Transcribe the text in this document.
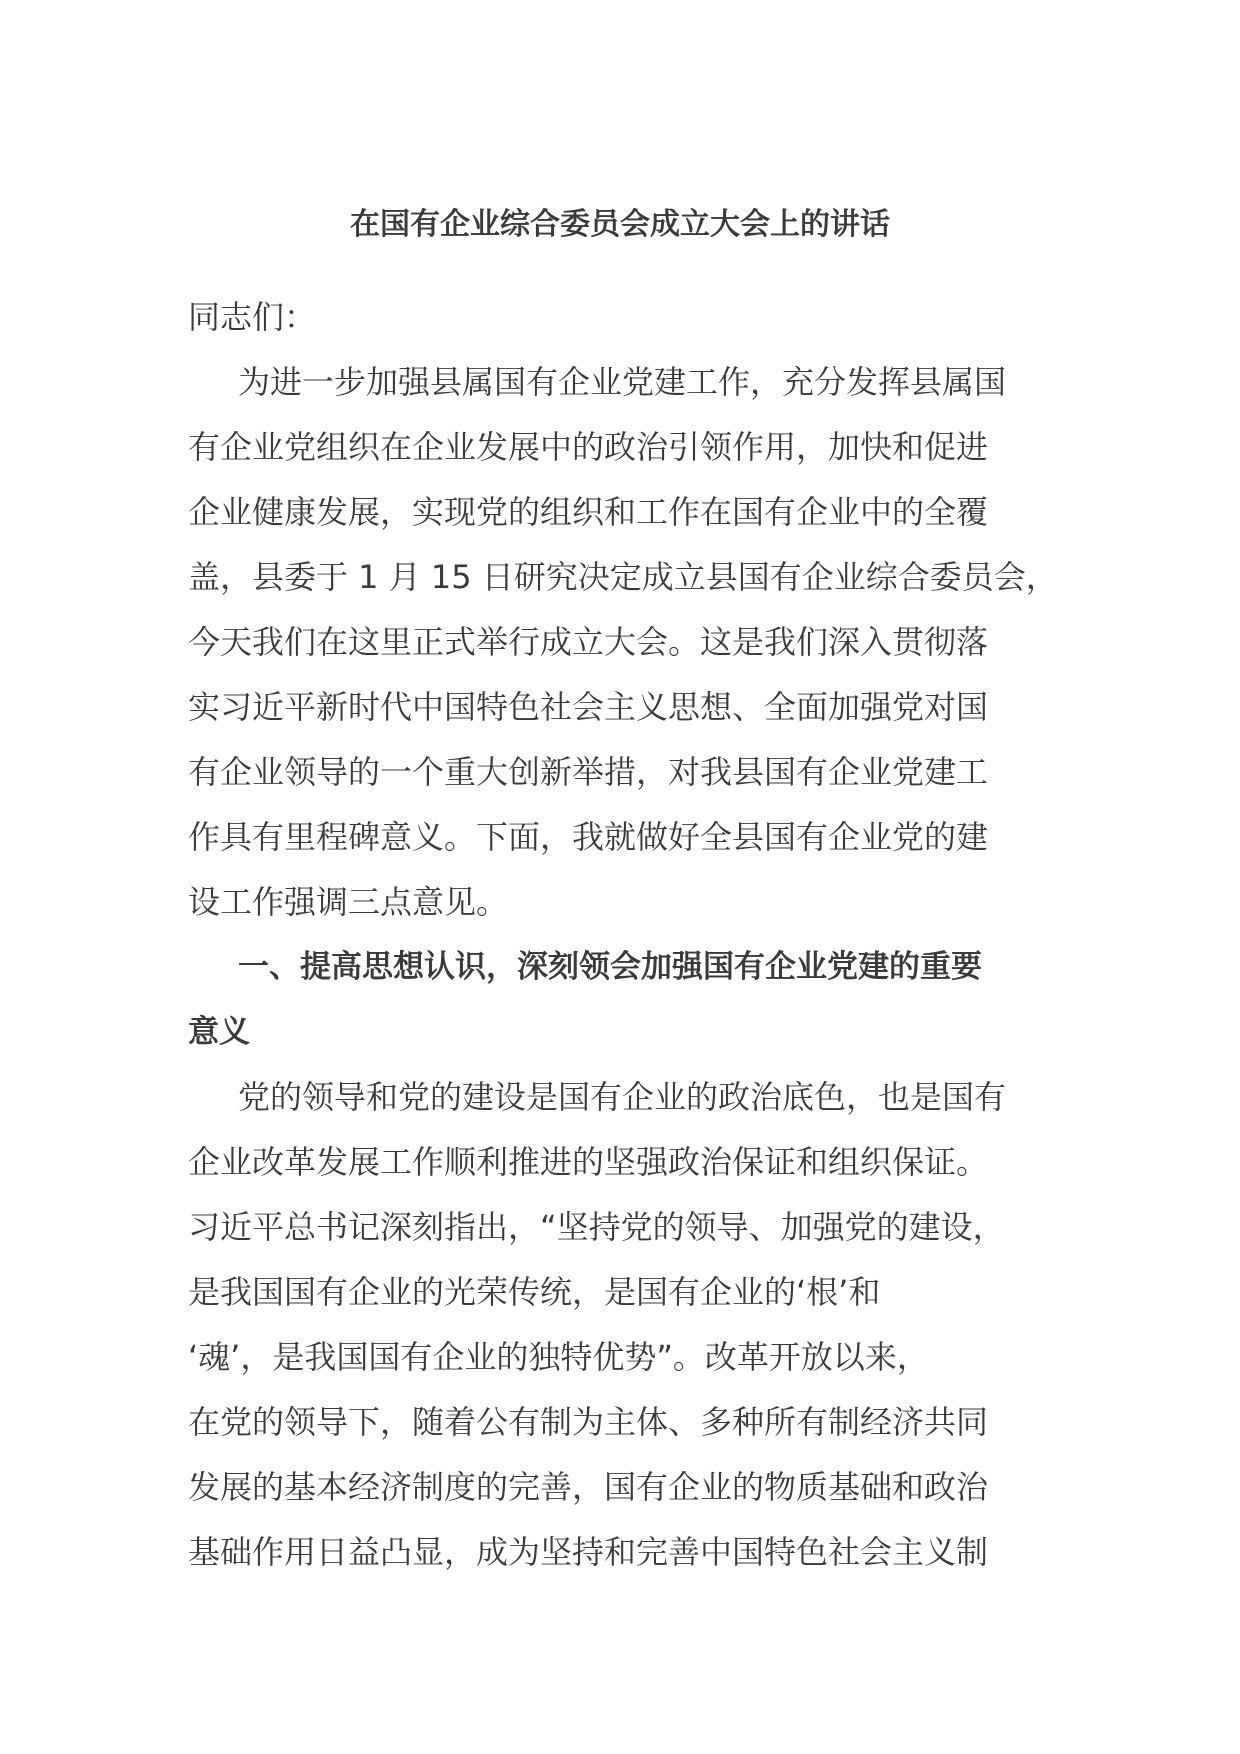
在国有企业综合委员会成立大会上的讲话
同志们：
为进一步加强县属国有企业党建工作，充分发挥县属国
有企业党组织在企业发展中的政治引领作用，加快和促进
企业健康发展，实现党的组织和工作在国有企业中的全覆
盖，县委于 1 月 15 日研究决定成立县国有企业综合委员会，
今天我们在这里正式举行成立大会。这是我们深入贯彻落
实习近平新时代中国特色社会主义思想、全面加强党对国
有企业领导的一个重大创新举措，对我县国有企业党建工
作具有里程碑意义。下面，我就做好全县国有企业党的建
设工作强调三点意见。
一、提高思想认识，深刻领会加强国有企业党建的重要
意义
党的领导和党的建设是国有企业的政治底色，也是国有
企业改革发展工作顺利推进的坚强政治保证和组织保证。
习近平总书记深刻指出，“坚持党的领导、加强党的建设，
是我国国有企业的光荣传统，是国有企业的‘根’和
‘魂’，是我国国有企业的独特优势”。改革开放以来，
在党的领导下，随着公有制为主体、多种所有制经济共同
发展的基本经济制度的完善，国有企业的物质基础和政治
基础作用日益凸显，成为坚持和完善中国特色社会主义制
